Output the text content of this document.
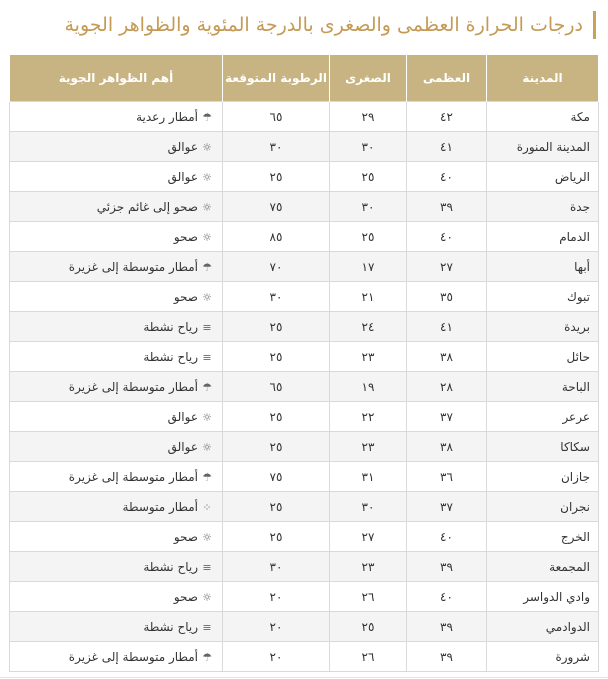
درجات الحرارة العظمى والصغرى بالدرجة المئوية والظواهر الجوية
المدينة	العظمى	الصغرى	الرطوبة المتوقعة	أهم الظواهر الجوية
مكة	٤٢	٢٩	٦٥	☂أمطار رعدية
المدينة المنورة	٤١	٣٠	٣٠	☼عوالق
الرياض	٤٠	٢٥	٢٥	☼عوالق
جدة	٣٩	٣٠	٧٥	☼صحو إلى غائم جزئي
الدمام	٤٠	٢٥	٨٥	☼صحو
أبها	٢٧	١٧	٧٠	☂أمطار متوسطة إلى غزيرة
تبوك	٣٥	٢١	٣٠	☼صحو
بريدة	٤١	٢٤	٢٥	≡رياح نشطة
حائل	٣٨	٢٣	٢٥	≡رياح نشطة
الباحة	٢٨	١٩	٦٥	☂أمطار متوسطة إلى غزيرة
عرعر	٣٧	٢٢	٢٥	☼عوالق
سكاكا	٣٨	٢٣	٢٥	☼عوالق
جازان	٣٦	٣١	٧٥	☂أمطار متوسطة إلى غزيرة
نجران	٣٧	٣٠	٢٥	⁘أمطار متوسطة
الخرج	٤٠	٢٧	٢٥	☼صحو
المجمعة	٣٩	٢٣	٣٠	≡رياح نشطة
وادي الدواسر	٤٠	٢٦	٢٠	☼صحو
الدوادمي	٣٩	٢٥	٢٠	≡رياح نشطة
شرورة	٣٩	٢٦	٢٠	☂أمطار متوسطة إلى غزيرة
